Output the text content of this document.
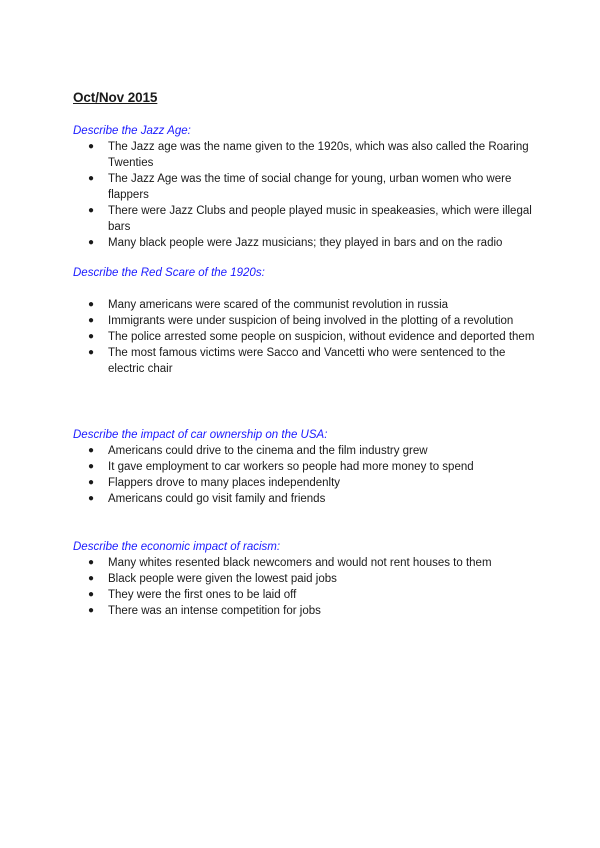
Oct/Nov 2015
Describe the Jazz Age:
● The Jazz age was the name given to the 1920s, which was also called the Roaring Twenties
● The Jazz Age was the time of social change for young, urban women who were flappers
● There were Jazz Clubs and people played music in speakeasies, which were illegal bars
● Many black people were Jazz musicians; they played in bars and on the radio
Describe the Red Scare of the 1920s:
● Many americans were scared of the communist revolution in russia
● Immigrants were under suspicion of being involved in the plotting of a revolution
● The police arrested some people on suspicion, without evidence and deported them
● The most famous victims were Sacco and Vancetti who were sentenced to the electric chair
Describe the impact of car ownership on the USA:
● Americans could drive to the cinema and the film industry grew
● It gave employment to car workers so people had more money to spend
● Flappers drove to many places independenlty
● Americans could go visit family and friends
Describe the economic impact of racism:
● Many whites resented black newcomers and would not rent houses to them
● Black people were given the lowest paid jobs
● They were the first ones to be laid off
● There was an intense competition for jobs
